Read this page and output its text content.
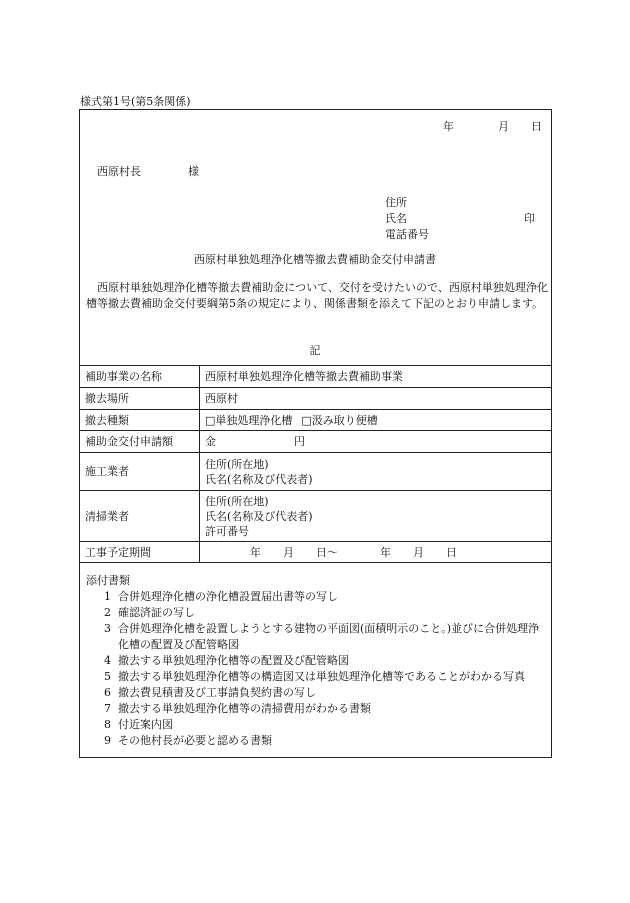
様式第1号(第5条関係)
年	月 日
西原村長	様
住所
氏名	印
電話番号
西原村単独処理浄化槽等撤去費補助金交付申請書
西原村単独処理浄化槽等撤去費補助金について、交付を受けたいので、西原村単独処理浄化槽等撤去費補助金交付要綱第5条の規定により、関係書類を添えて下記のとおり申請します。
記
補助事業の名称	西原村単独処理浄化槽等撤去費補助事業
撤去場所	西原村
撤去種類	□単独処理浄化槽 □汲み取り便槽
補助金交付申請額	金 円
施工業者	住所(所在地)
氏名(名称及び代表者)

清掃業者	住所(所在地)
氏名(名称及び代表者)
許可番号

工事予定期間	年 月 日〜 年 月 日
添付書類
1 合併処理浄化槽の浄化槽設置届出書等の写し
2 確認済証の写し
3 合併処理浄化槽を設置しようとする建物の平面図(面積明示のこと。)並びに合併処理浄化槽の配置及び配管略図
4 撤去する単独処理浄化槽等の配置及び配管略図
5 撤去する単独処理浄化槽等の構造図又は単独処理浄化槽等であることがわかる写真
6 撤去費見積書及び工事請負契約書の写し
7 撤去する単独処理浄化槽等の清掃費用がわかる書類
8 付近案内図
9 その他村長が必要と認める書類
